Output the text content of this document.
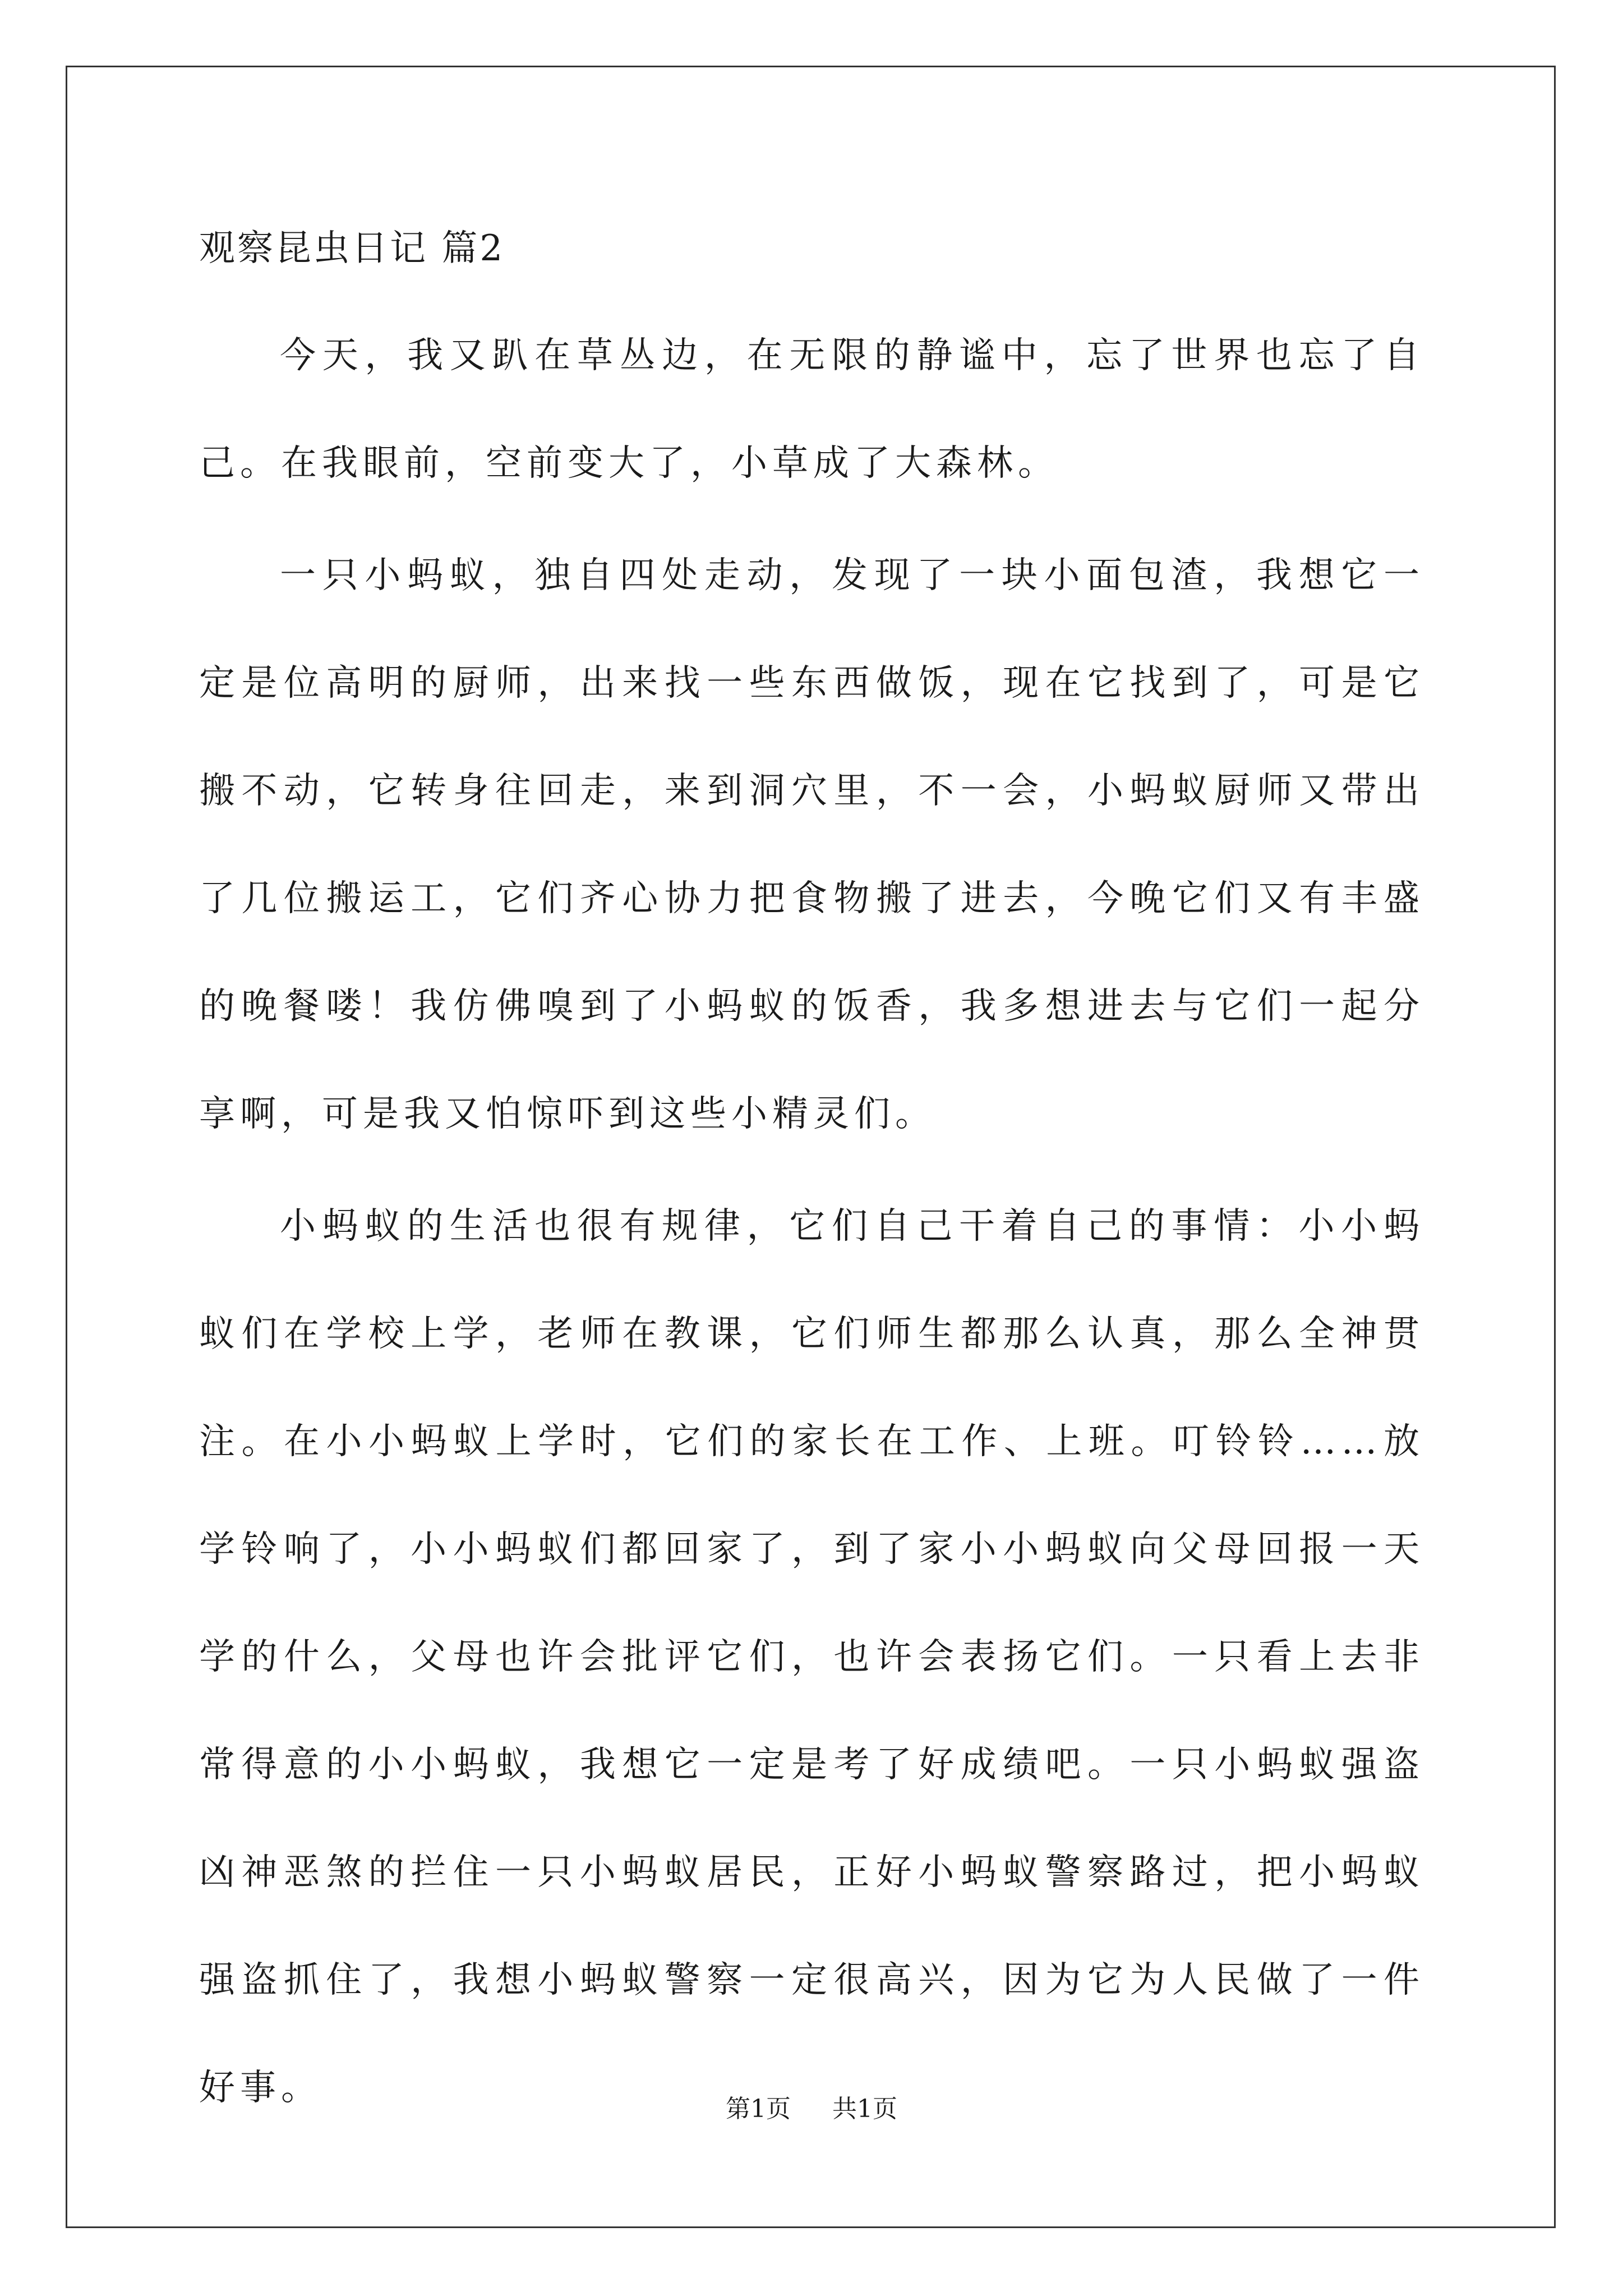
观察昆虫日记 篇2

今天，我又趴在草丛边，在无限的静谧中，忘了世界也忘了自己。在我眼前，空前变大了，小草成了大森林。

一只小蚂蚁，独自四处走动，发现了一块小面包渣，我想它一定是位高明的厨师，出来找一些东西做饭，现在它找到了，可是它搬不动，它转身往回走，来到洞穴里，不一会，小蚂蚁厨师又带出了几位搬运工，它们齐心协力把食物搬了进去，今晚它们又有丰盛的晚餐喽！我仿佛嗅到了小蚂蚁的饭香，我多想进去与它们一起分享啊，可是我又怕惊吓到这些小精灵们。

小蚂蚁的生活也很有规律，它们自己干着自己的事情：小小蚂蚁们在学校上学，老师在教课，它们师生都那么认真，那么全神贯注。在小小蚂蚁上学时，它们的家长在工作、上班。叮铃铃……放学铃响了，小小蚂蚁们都回家了，到了家小小蚂蚁向父母回报一天学的什么，父母也许会批评它们，也许会表扬它们。一只看上去非常得意的小小蚂蚁，我想它一定是考了好成绩吧。一只小蚂蚁强盗凶神恶煞的拦住一只小蚂蚁居民，正好小蚂蚁警察路过，把小蚂蚁强盗抓住了，我想小蚂蚁警察一定很高兴，因为它为人民做了一件好事。

第1页 共1页
